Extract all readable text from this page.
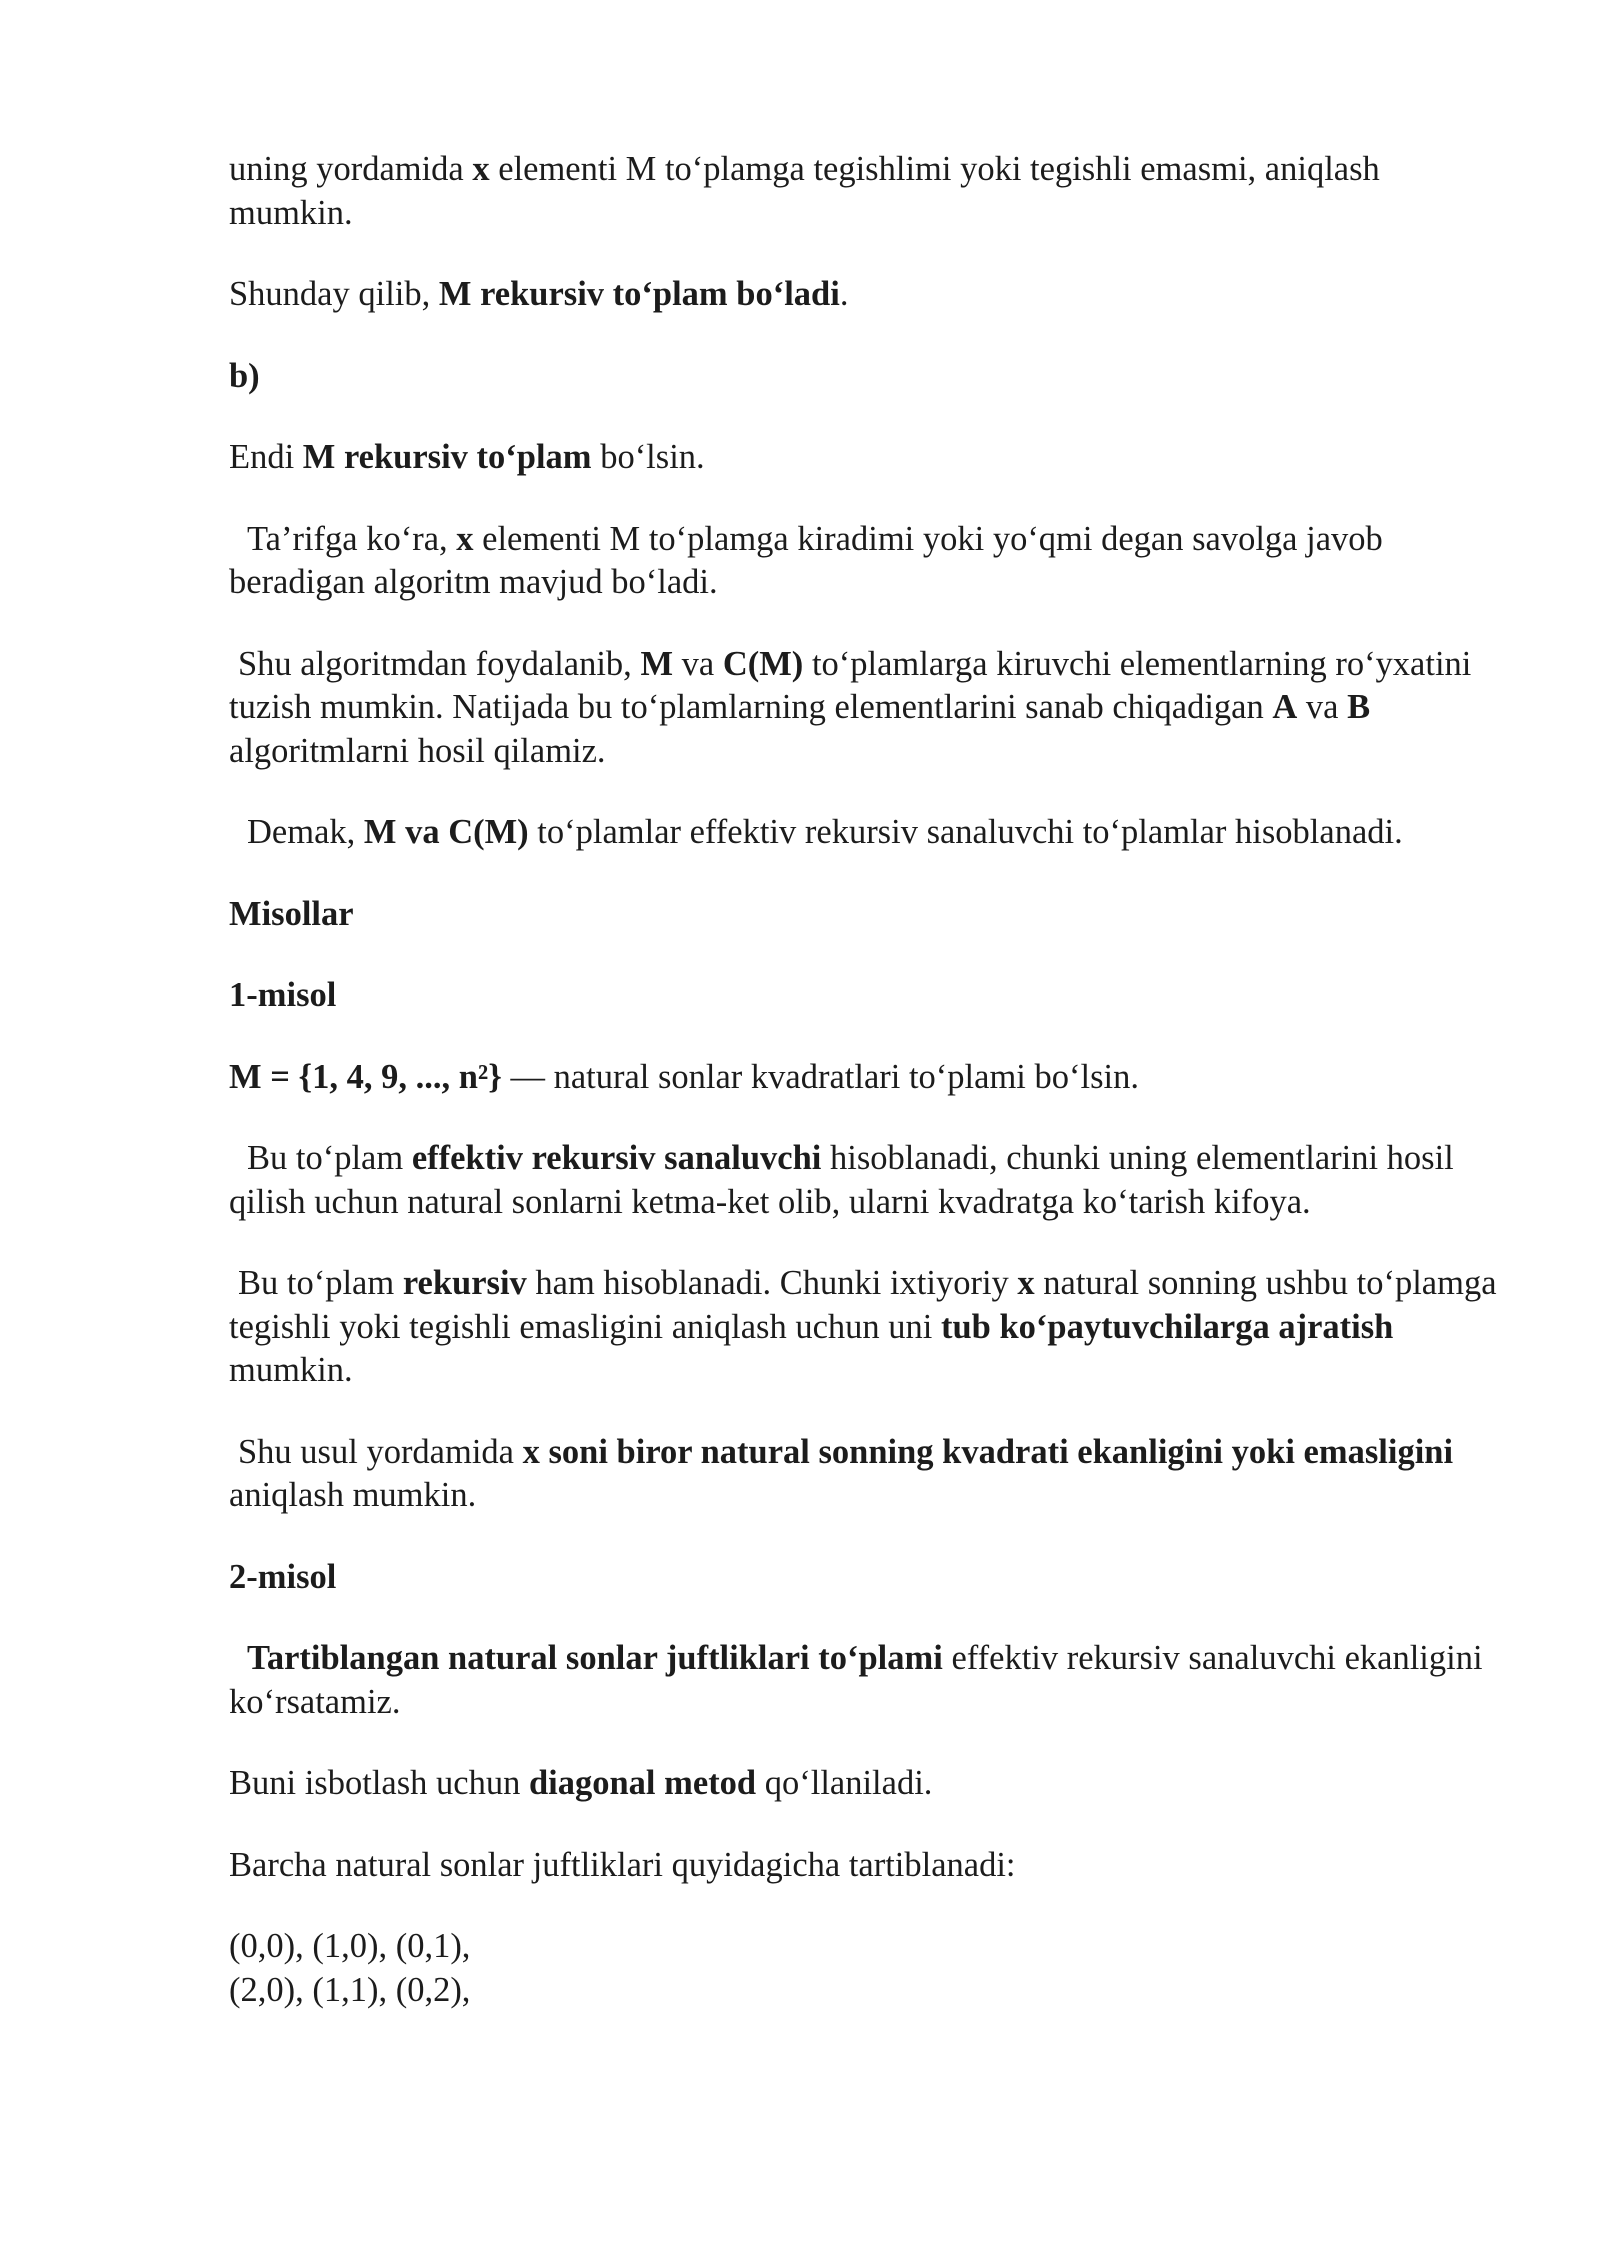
uning yordamida x elementi M to‘plamga tegishlimi yoki tegishli emasmi, aniqlash mumkin.

Shunday qilib, M rekursiv to‘plam bo‘ladi.

b)

Endi M rekursiv to‘plam bo‘lsin.

Ta’rifga ko‘ra, x elementi M to‘plamga kiradimi yoki yo‘qmi degan savolga javob beradigan algoritm mavjud bo‘ladi.

Shu algoritmdan foydalanib, M va C(M) to‘plamlarga kiruvchi elementlarning ro‘yxatini tuzish mumkin. Natijada bu to‘plamlarning elementlarini sanab chiqadigan A va B algoritmlarni hosil qilamiz.

Demak, M va C(M) to‘plamlar effektiv rekursiv sanaluvchi to‘plamlar hisoblanadi.

Misollar

1-misol

M = {1, 4, 9, ..., n²} — natural sonlar kvadratlari to‘plami bo‘lsin.

Bu to‘plam effektiv rekursiv sanaluvchi hisoblanadi, chunki uning elementlarini hosil qilish uchun natural sonlarni ketma-ket olib, ularni kvadratga ko‘tarish kifoya.

Bu to‘plam rekursiv ham hisoblanadi. Chunki ixtiyoriy x natural sonning ushbu to‘plamga tegishli yoki tegishli emasligini aniqlash uchun uni tub ko‘paytuvchilarga ajratish mumkin.

Shu usul yordamida x soni biror natural sonning kvadrati ekanligini yoki emasligini aniqlash mumkin.

2-misol

Tartiblangan natural sonlar juftliklari to‘plami effektiv rekursiv sanaluvchi ekanligini ko‘rsatamiz.

Buni isbotlash uchun diagonal metod qo‘llaniladi.

Barcha natural sonlar juftliklari quyidagicha tartiblanadi:

(0,0), (1,0), (0,1),
(2,0), (1,1), (0,2),
